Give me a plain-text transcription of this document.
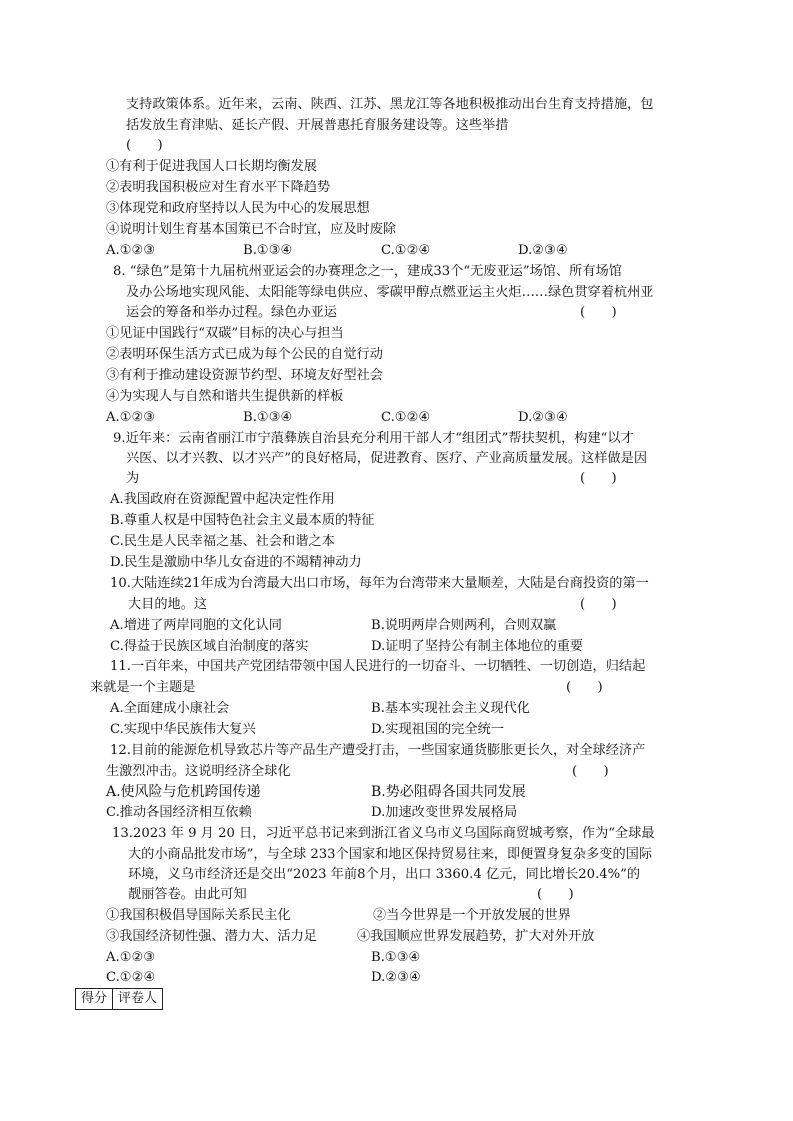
支持政策体系。近年来，云南、陕西、江苏、黑龙江等各地积极推动出台生育支持措施，包
括发放生育津贴、延长产假、开展普惠托育服务建设等。这些举措
(　　)
①有利于促进我国人口长期均衡发展
②表明我国积极应对生育水平下降趋势
③体现党和政府坚持以人民为中心的发展思想
④说明计划生育基本国策已不合时宜，应及时废除
A.①②③	B.①③④	C.①②④	D.②③④
8. “绿色”是第十九届杭州亚运会的办赛理念之一，建成33个“无废亚运”场馆、所有场馆
及办公场地实现风能、太阳能等绿电供应、零碳甲醇点燃亚运主火炬……绿色贯穿着杭州亚
运会的筹备和举办过程。绿色办亚运	(　　)
①见证中国践行“双碳”目标的决心与担当
②表明环保生活方式已成为每个公民的自觉行动
③有利于推动建设资源节约型、环境友好型社会
④为实现人与自然和谐共生提供新的样板
A.①②③	B.①③④	C.①②④	D.②③④
9.近年来：云南省丽江市宁蒗彝族自治县充分利用干部人才“组团式”帮扶契机，构建“以才
兴医、以才兴教、以才兴产”的良好格局，促进教育、医疗、产业高质量发展。这样做是因
为	(　　)
A.我国政府在资源配置中起决定性作用
B.尊重人权是中国特色社会主义最本质的特征
C.民生是人民幸福之基、社会和谐之本
D.民生是激励中华儿女奋进的不竭精神动力
10.大陆连续21年成为台湾最大出口市场，每年为台湾带来大量顺差，大陆是台商投资的第一
大目的地。这	(　　)
A.增进了两岸同胞的文化认同	B.说明两岸合则两利，合则双赢
C.得益于民族区域自治制度的落实	D.证明了坚持公有制主体地位的重要
11.一百年来，中国共产党团结带领中国人民进行的一切奋斗、一切牺牲、一切创造，归结起
来就是一个主题是	(　　)
A.全面建成小康社会	B.基本实现社会主义现代化
C.实现中华民族伟大复兴	D.实现祖国的完全统一
12.目前的能源危机导致芯片等产品生产遭受打击，一些国家通货膨胀更长久，对全球经济产
生激烈冲击。这说明经济全球化	(　　)
A.使风险与危机跨国传递	B.势必阻碍各国共同发展
C.推动各国经济相互依赖	D.加速改变世界发展格局
13.2023 年 9 月 20 日，习近平总书记来到浙江省义乌市义乌国际商贸城考察，作为“全球最
大的小商品批发市场”，与全球 233个国家和地区保持贸易往来，即便置身复杂多变的国际
环境，义乌市经济还是交出“2023 年前8个月，出口 3360.4 亿元，同比增长20.4%”的
靓丽答卷。由此可知	(　　)
①我国积极倡导国际关系民主化	②当今世界是一个开放发展的世界
③我国经济韧性强、潜力大、活力足	④我国顺应世界发展趋势，扩大对外开放
A.①②③	B.①③④
C.①②④	D.②③④
得分 评卷人
